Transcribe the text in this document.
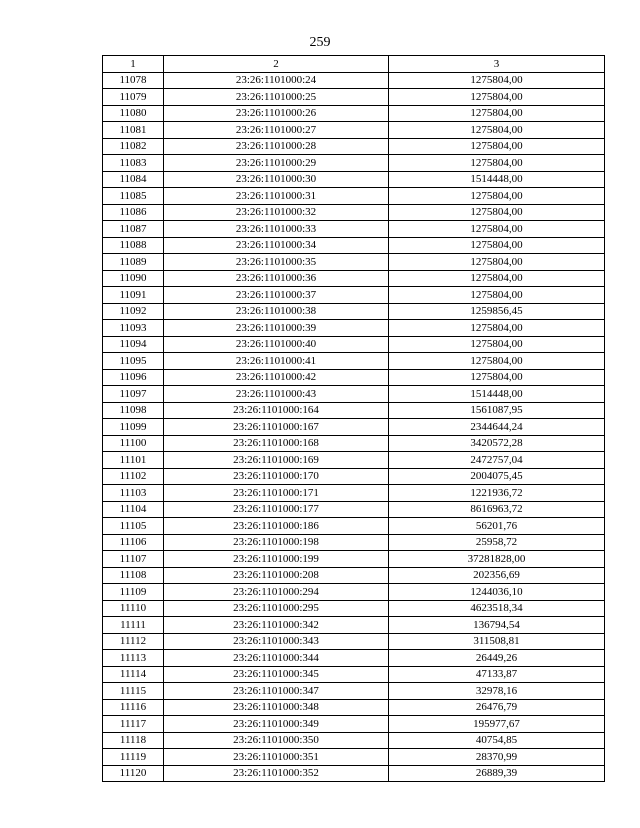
259
1	2	3
11078	23:26:1101000:24	1275804,00
11079	23:26:1101000:25	1275804,00
11080	23:26:1101000:26	1275804,00
11081	23:26:1101000:27	1275804,00
11082	23:26:1101000:28	1275804,00
11083	23:26:1101000:29	1275804,00
11084	23:26:1101000:30	1514448,00
11085	23:26:1101000:31	1275804,00
11086	23:26:1101000:32	1275804,00
11087	23:26:1101000:33	1275804,00
11088	23:26:1101000:34	1275804,00
11089	23:26:1101000:35	1275804,00
11090	23:26:1101000:36	1275804,00
11091	23:26:1101000:37	1275804,00
11092	23:26:1101000:38	1259856,45
11093	23:26:1101000:39	1275804,00
11094	23:26:1101000:40	1275804,00
11095	23:26:1101000:41	1275804,00
11096	23:26:1101000:42	1275804,00
11097	23:26:1101000:43	1514448,00
11098	23:26:1101000:164	1561087,95
11099	23:26:1101000:167	2344644,24
11100	23:26:1101000:168	3420572,28
11101	23:26:1101000:169	2472757,04
11102	23:26:1101000:170	2004075,45
11103	23:26:1101000:171	1221936,72
11104	23:26:1101000:177	8616963,72
11105	23:26:1101000:186	56201,76
11106	23:26:1101000:198	25958,72
11107	23:26:1101000:199	37281828,00
11108	23:26:1101000:208	202356,69
11109	23:26:1101000:294	1244036,10
11110	23:26:1101000:295	4623518,34
11111	23:26:1101000:342	136794,54
11112	23:26:1101000:343	311508,81
11113	23:26:1101000:344	26449,26
11114	23:26:1101000:345	47133,87
11115	23:26:1101000:347	32978,16
11116	23:26:1101000:348	26476,79
11117	23:26:1101000:349	195977,67
11118	23:26:1101000:350	40754,85
11119	23:26:1101000:351	28370,99
11120	23:26:1101000:352	26889,39
